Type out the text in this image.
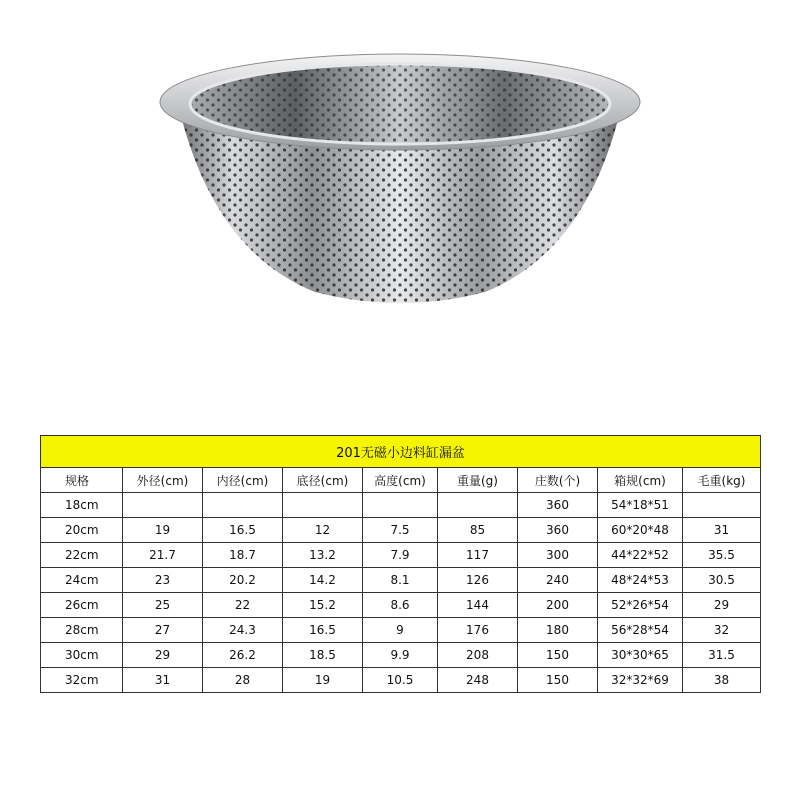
201无磁小边料缸漏盆								
规格	外径(cm)	内径(cm)	底径(cm)	高度(cm)	重量(g)	庄数(个)	箱规(cm)	毛重(kg)
18cm						360	54*18*51	
20cm	19	16.5	12	7.5	85	360	60*20*48	31
22cm	21.7	18.7	13.2	7.9	117	300	44*22*52	35.5
24cm	23	20.2	14.2	8.1	126	240	48*24*53	30.5
26cm	25	22	15.2	8.6	144	200	52*26*54	29
28cm	27	24.3	16.5	9	176	180	56*28*54	32
30cm	29	26.2	18.5	9.9	208	150	30*30*65	31.5
32cm	31	28	19	10.5	248	150	32*32*69	38
